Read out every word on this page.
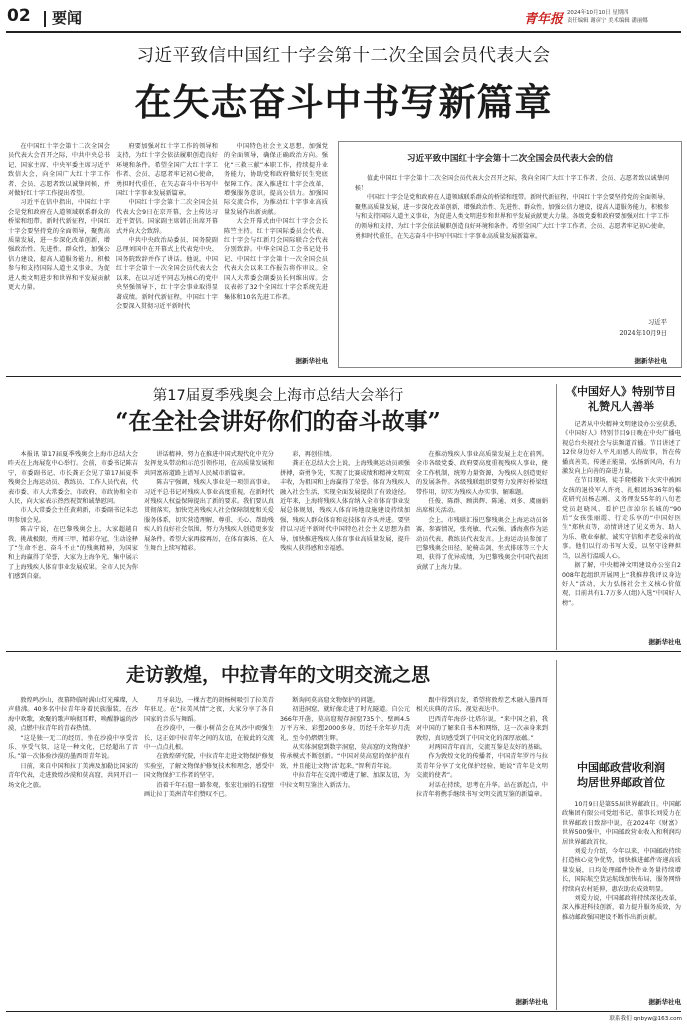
02 要闻	青年报 2024年10月10日 星期四
责任编辑 谢彦宁 美术编辑 潘丽娜
习近平致信中国红十字会第十二次全国会员代表大会
在矢志奋斗中书写新篇章

在中国红十字会第十二次全国会员代表大会召开之际，中共中央总书记、国家主席、中央军委主席习近平致信大会，向全国广大红十字工作者、会员、志愿者致以诚挚问候，并对做好红十字工作提出希望。

习近平在信中指出，中国红十字会是党和政府在人道领域联系群众的桥梁和纽带。新时代新征程，中国红十字会要坚持党的全面领导，聚焦高质量发展，进一步深化改革创新，增强政治性、先进性、群众性，加强公信力建设，提高人道服务能力，积极参与和支持国际人道主义事业，为促进人类文明进步和世界和平发展贡献更大力量。

府要加强对红十字工作的领导和支持，为红十字会依法履职创造良好环境和条件。希望全国广大红十字工作者、会员、志愿者牢记初心使命，勇担时代重任，在矢志奋斗中书写中国红十字事业发展新篇章。

中国红十字会第十二次全国会员代表大会9日在京开幕，会上传达习近平贺信。国家副主席韩正出席开幕式并向大会致辞。

中共中央政治局委员、国务院副总理刘国中在开幕式上代表党中央、国务院致辞并作了讲话。他说，中国红十字会第十一次全国会员代表大会以来，在以习近平同志为核心的党中央坚强领导下，红十字会事业取得显著成绩。新时代新征程，中国红十字会要深入贯彻习近平新时代

中国特色社会主义思想，加强党的全面领导，确保正确政治方向。强化“三救三献”本职工作，持续提升业务能力，协助党和政府做好民生兜底保障工作。深入推进红十字会改革，增强服务意识，提高公信力。加强国际交流合作，为推动红十字事业高质量发展作出新贡献。

大会开幕式由中国红十字会会长陈竺主持。红十字国际委员会代表、红十字会与红新月会国际联合会代表分别致辞。中华全国总工会书记处书记、中国红十字会第十一次全国会员代表大会以来工作报告将作审议。全国人大常委会副委员长何维出席。会议表彰了32个全国红十字会系统先进集体和10名先进工作者。

据新华社电
习近平致中国红十字会第十二次全国会员代表大会的信

值此中国红十字会第十二次全国会员代表大会召开之际，我向全国广大红十字工作者、会员、志愿者致以诚挚问候！

中国红十字会是党和政府在人道领域联系群众的桥梁和纽带。新时代新征程，中国红十字会要坚持党的全面领导，聚焦高质量发展，进一步深化改革创新，增强政治性、先进性、群众性，加强公信力建设，提高人道服务能力，积极参与和支持国际人道主义事业，为促进人类文明进步和世界和平发展贡献更大力量。各级党委和政府要加强对红十字工作的领导和支持，为红十字会依法履职创造良好环境和条件。希望全国广大红十字工作者、会员、志愿者牢记初心使命，勇担时代重任，在矢志奋斗中书写中国红十字事业高质量发展新篇章。

习近平
2024年10月9日
据新华社电
第17届夏季残奥会上海市总结大会举行
“在全社会讲好你们的奋斗故事”

本报讯 第17届夏季残奥会上海市总结大会昨天在上海展览中心举行。会前，市委书记陈吉宁，市委副书记、市长龚正会见了第17届夏季残奥会上海运动员、教练员、工作人员代表，代表市委、市人大常委会、市政府、市政协和全市人民，向大家表示热烈祝贺和诚挚慰问。

市人大常委会主任黄莉新，市委副书记朱忠明参加会见。

陈吉宁说，在巴黎残奥会上，大家超越自我、挑战极限，勇闯三甲，精彩夺冠，生动诠释了“生命不息、奋斗不止”的残奥精神，为国家和上海赢得了荣誉，大家为上海争光，集中展示了上海残疾人体育事业发展成果。全市人民为你们感到自豪。

讲话精神，努力在推进中国式现代化中充分发挥龙头带动和示范引领作用，在高质量发展和共同富裕道路上谱写人民城市新篇章。

陈吉宁强调，残疾人事业是一项崇高事业。习近平总书记对残疾人事业高度重视，在新时代对残疾人权益保障提出了新的要求。我们要认真贯彻落实，加快完善残疾人社会保障制度和关爱服务体系，切实营造理解、尊重、关心、帮助残疾人的良好社会氛围，努力为残疾人创造更多发展条件。希望大家再接再厉，在体育赛场、在人生舞台上续写精彩。

彩，再创佳绩。

龚正在总结大会上说，上海残奥运动员顽强拼搏，奋勇争先，实现了比赛成绩和精神文明双丰收，为祖国和上海赢得了荣誉。体育为残疾人融入社会生活，实现全面发展提供了有效途径。近年来，上海将残疾人体育纳入全市体育事业发展总体规划，残疾人体育场地设施建设持续加强，残疾人群众体育和竞技体育齐头并进。要坚持以习近平新时代中国特色社会主义思想为指导，加快推进残疾人体育事业高质量发展，提升残疾人获得感和幸福感。

在推动残疾人事业高质量发展上走在前列。全市各级党委、政府要高度重视残疾人事业，健全工作机制，统筹力量资源，为残疾人创造更好的发展条件。各级残联组织要努力发挥好桥梁纽带作用，切实为残疾人办实事、解难题。

任俊、陈群、顾洪辉、陈通、刘多、虞丽娟出席相关活动。

会上，市残联汇报巴黎残奥会上海运动员备赛、参赛情况，张亮敏、代云强、潘海燕作为运动员代表、教练员代表发言。上海运动员参加了巴黎残奥会田径、轮椅击剑、坐式排球等三个大项，获得了优异成绩，为巴黎残奥会中国代表团贡献了上海力量。

《中国好人》特别节目
礼赞凡人善举

记者从中央精神文明建设办公室获悉，《中国好人》特别节目9日晚在中央广播电视总台央视社会与法频道首播。节目讲述了12位身边好人平凡而感人的故事，旨在传播真善美，传递正能量，弘扬新风尚，有力激发向上向善的奋进力量。

在节目现场，徒手爬楼救下火灾中被困女孩的退役军人许亮、扎根团场36年的棉花研究员杨志刚、义务理发55年的八旬老党员赵晓风、看护巴彦淖尔长城的“90后”女孩张丽霞、行走乐享的“中国好医生”郑秋贞等，动情讲述了见义勇为、助人为乐、敬业奉献、诚实守信和孝老爱亲的故事。他们以行动书写大爱，以坚守诠释担当，以善行温暖人心。

据了解，中央精神文明建设办公室自2008年起组织开展网上“我推荐我评议身边好人”活动，大力弘扬社会主义核心价值观，目前共有1.7万多人(组)入选“中国好人榜”。

据新华社电
走访敦煌，中拉青年的文明交流之思

敦煌鸣沙山，夜幕降临时满山灯光璀璨，人声鼎沸。40多名中拉青年身着民族服装，在沙海中欢歌，欢聚的歌声响彻耳畔，唤醒静谧的沙漠，点燃中拉青年的青春热情。

“这是独一无二的经历，坐在沙漠中享受音乐、享受气氛，这是一种文化，已经超出了音乐。”第一次体验沙漠的墨西哥青年说。

日前，来自中国和拉丁美洲及加勒比国家的青年代表，走进敦煌沙漠和莫高窟，共同开启一场文化之旅。

月牙泉边，一棵古老的胡杨树吸引了拉美青年驻足。在“拉美风情”之夜，大家分享了各自国家的音乐与舞蹈。

在沙漠中，一棵小树苗会在风沙中顽强生长，这正如中拉青年之间的友谊，在彼此的交流中一点点扎根。

在敦煌研究院，中拉青年走进文物保护修复实验室，了解文物保护修复技术和理念，感受中国文物保护工作者的坚守。

沿着千年石窟一路参观，张宏壮丽的石窟壁画让拉丁美洲青年们赞叹不已。

断询问莫高窟文物保护的问题。

初进洞窟，就好像走进了时光隧道。自公元366年开凿，莫高窟现存洞窟735个、壁画4.5万平方米、彩塑2000多身，历经千余年岁月洗礼，至今仍熠熠生辉。

从实体洞窟到数字洞窟，莫高窟的文物保护传承模式不断创新。“中国对莫高窟的保护很有效，并且能让文物‘活’起来，”智利青年说。

中拉青年在交流中增进了解、加深友谊，为中拉文明互鉴注入新活力。

跟中得到启发，希望将敦煌艺术融入墨西哥相关庆典的音乐、视觉表达中。

巴西青年海莎·比塔尔说，“来中国之前，我对中国的了解来自书本和网络，这一次亲身来到敦煌，真切感受到了中国文化的深厚底蕴。”

对两国青年而言，交流互鉴是友好的基础。

作为敦煌文化的传播者，中国青年罗丹与拉美青年分享了文化保护经验，她说“青年是文明交流的使者”。

对话在持续，思考在升华。站在新起点，中拉青年将携手继续书写文明交流互鉴的新篇章。

据新华社电
中国邮政营收利润
均居世界邮政首位

10月9日是第55届世界邮政日。中国邮政集团有限公司党组书记、董事长刘爱力在世界邮政日致辞中说，在2024年《财富》世界500强中，中国邮政营业收入和利润均居世界邮政首位。

刘爱力介绍，今年以来，中国邮政持续打造核心竞争优势，加快推进邮件寄递高质量发展，日均处理邮件快件业务量持续增长，国际航空货运航线加快布局，服务网络持续向农村延伸，惠农助农成效明显。

刘爱力说，中国邮政将持续深化改革，深入推进科技创新，着力提升服务质效，为推动邮政强国建设不断作出新贡献。

据新华社电
联系我们 qnbyw@163.com
